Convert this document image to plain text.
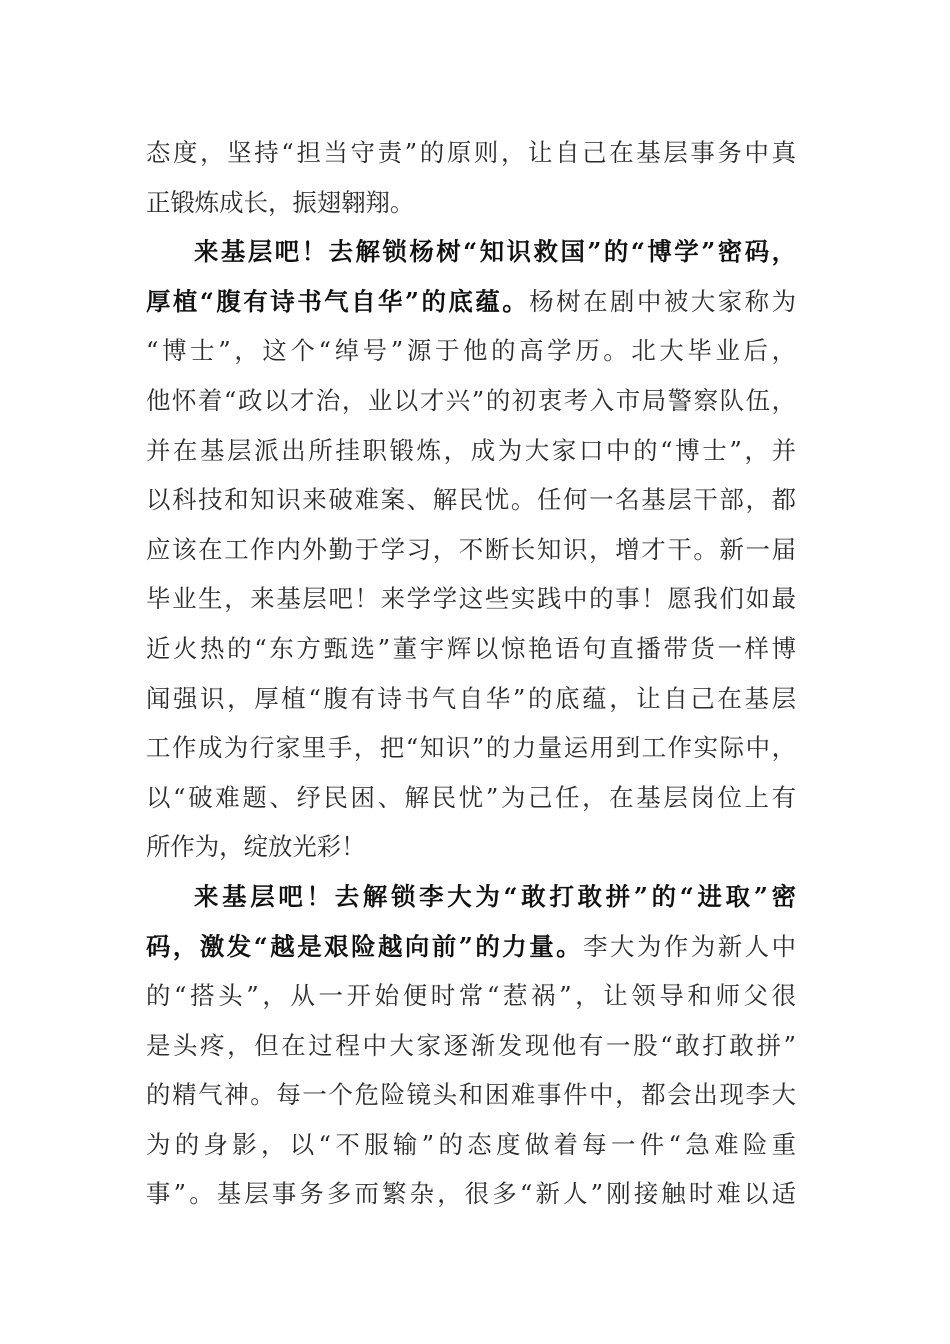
态度，坚持“担当守责”的原则，让自己在基层事务中真
正锻炼成长，振翅翱翔。
来基层吧！去解锁杨树“知识救国”的“博学”密码，
厚植“腹有诗书气自华”的底蕴。杨树在剧中被大家称为
“博士”，这个“绰号”源于他的高学历。北大毕业后，
他怀着“政以才治，业以才兴”的初衷考入市局警察队伍，
并在基层派出所挂职锻炼，成为大家口中的“博士”，并
以科技和知识来破难案、解民忧。任何一名基层干部，都
应该在工作内外勤于学习，不断长知识，增才干。新一届
毕业生，来基层吧！来学学这些实践中的事！愿我们如最
近火热的“东方甄选”董宇辉以惊艳语句直播带货一样博
闻强识，厚植“腹有诗书气自华”的底蕴，让自己在基层
工作成为行家里手，把“知识”的力量运用到工作实际中，
以“破难题、纾民困、解民忧”为己任，在基层岗位上有
所作为，绽放光彩！
来基层吧！去解锁李大为“敢打敢拼”的“进取”密
码，激发“越是艰险越向前”的力量。李大为作为新人中
的“搭头”，从一开始便时常“惹祸”，让领导和师父很
是头疼，但在过程中大家逐渐发现他有一股“敢打敢拼”
的精气神。每一个危险镜头和困难事件中，都会出现李大
为的身影，以“不服输”的态度做着每一件“急难险重
事”。基层事务多而繁杂，很多“新人”刚接触时难以适
